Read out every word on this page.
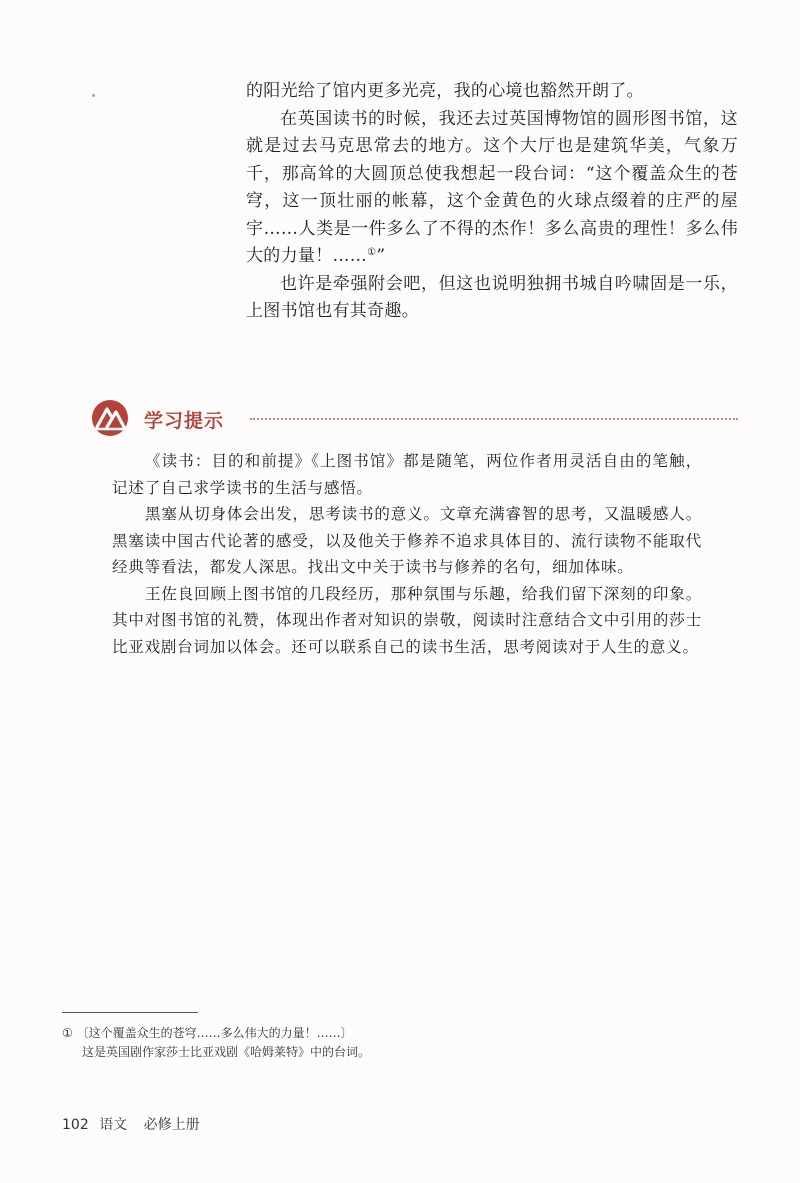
的阳光给了馆内更多光亮，我的心境也豁然开朗了。

在英国读书的时候，我还去过英国博物馆的圆形图书馆，这就是过去马克思常去的地方。这个大厅也是建筑华美，气象万千，那高耸的大圆顶总使我想起一段台词：“这个覆盖众生的苍穹，这一顶壮丽的帐幕，这个金黄色的火球点缀着的庄严的屋宇……人类是一件多么了不得的杰作！多么高贵的理性！多么伟大的力量！……①”

也许是牵强附会吧，但这也说明独拥书城自吟啸固是一乐，上图书馆也有其奇趣。

学习提示

《读书：目的和前提》《上图书馆》都是随笔，两位作者用灵活自由的笔触，记述了自己求学读书的生活与感悟。

黑塞从切身体会出发，思考读书的意义。文章充满睿智的思考，又温暖感人。黑塞读中国古代论著的感受，以及他关于修养不追求具体目的、流行读物不能取代经典等看法，都发人深思。找出文中关于读书与修养的名句，细加体味。

王佐良回顾上图书馆的几段经历，那种氛围与乐趣，给我们留下深刻的印象。其中对图书馆的礼赞，体现出作者对知识的崇敬，阅读时注意结合文中引用的莎士比亚戏剧台词加以体会。还可以联系自己的读书生活，思考阅读对于人生的意义。

① 〔这个覆盖众生的苍穹……多么伟大的力量！……〕
这是英国剧作家莎士比亚戏剧《哈姆莱特》中的台词。
102 语文 必修上册
